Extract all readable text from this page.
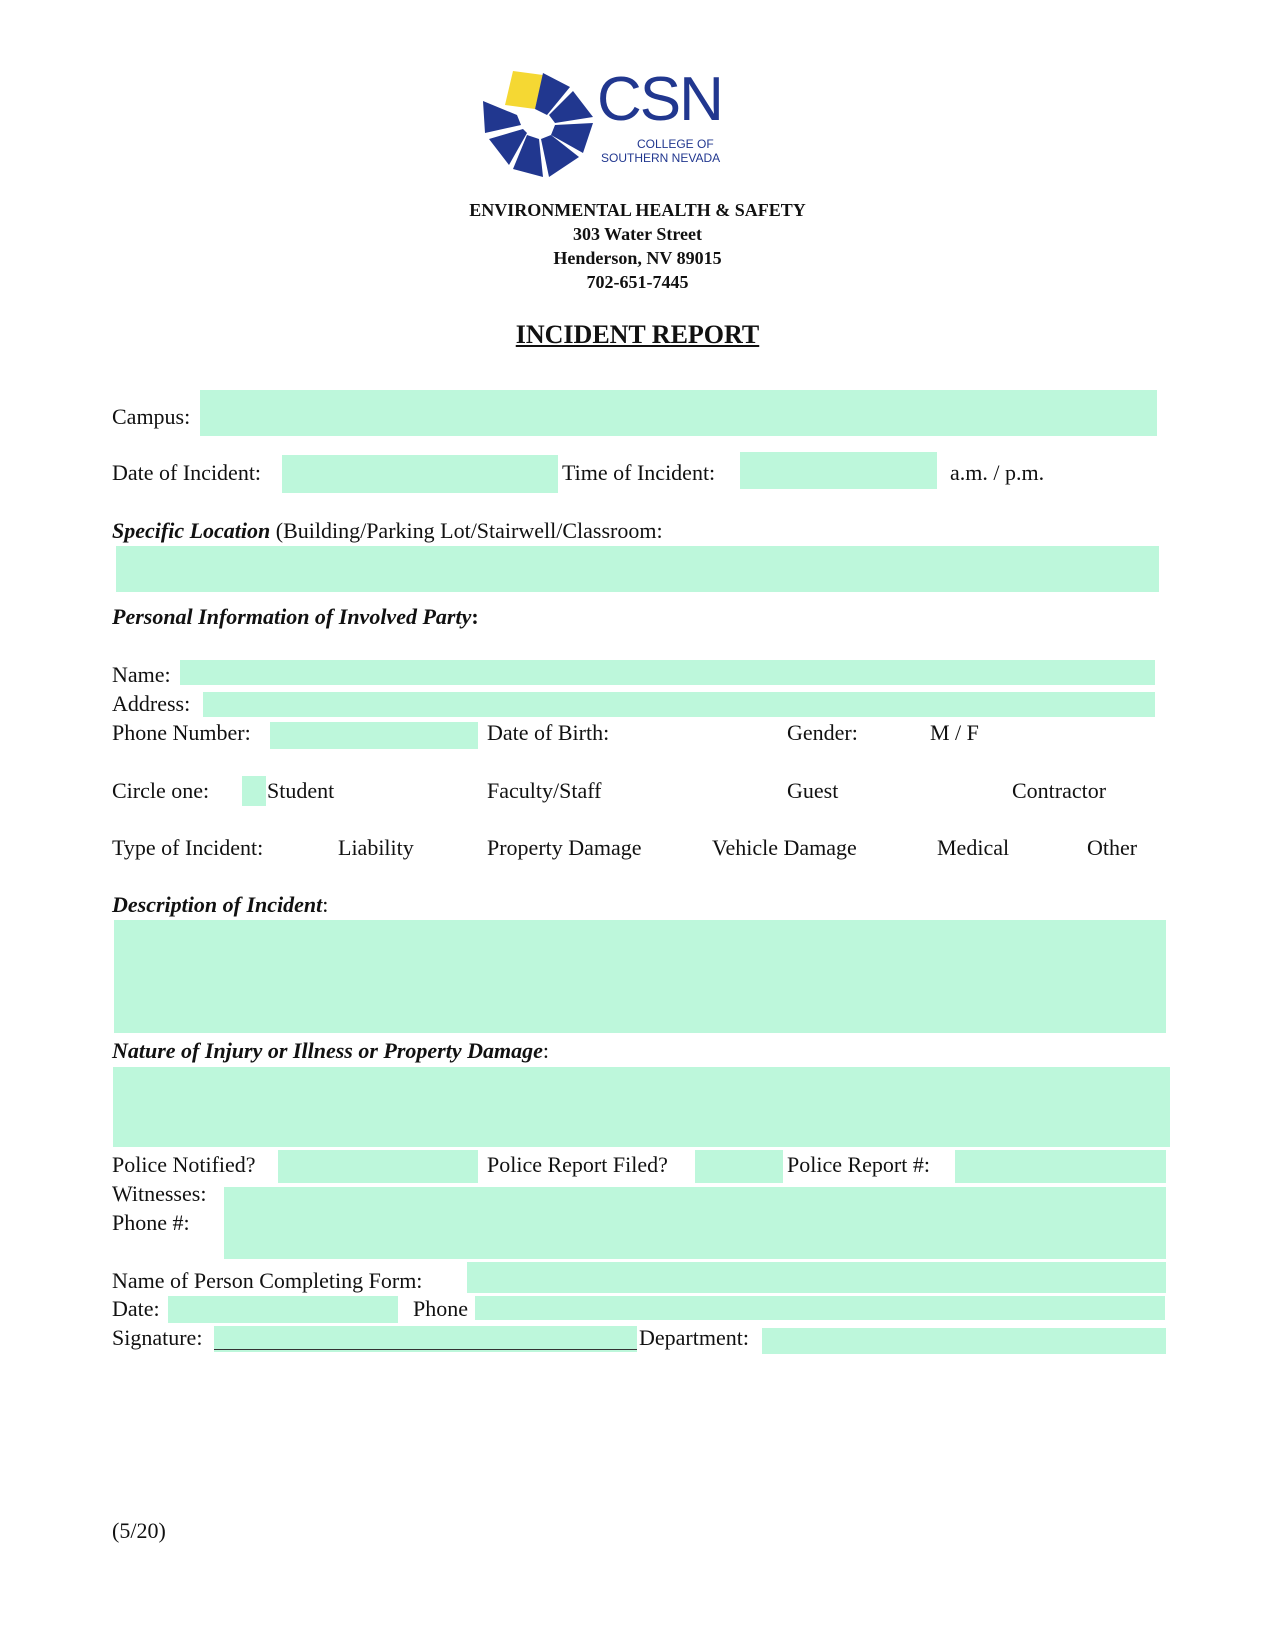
CSN
COLLEGE OF
SOUTHERN NEVADA
ENVIRONMENTAL HEALTH & SAFETY
303 Water Street
Henderson, NV 89015
702-651-7445
INCIDENT REPORT
Campus:
Date of Incident:	Time of Incident:	a.m. / p.m.
Specific Location (Building/Parking Lot/Stairwell/Classroom:
Personal Information of Involved Party:
Name:
Address:
Phone Number:	Date of Birth:	Gender:	M / F
Circle one:	Student	Faculty/Staff	Guest	Contractor
Type of Incident:	Liability	Property Damage	Vehicle Damage	Medical	Other
Description of Incident:
Nature of Injury or Illness or Property Damage:
Police Notified?	Police Report Filed?	Police Report #:
Witnesses:
Phone #:
Name of Person Completing Form:
Date:	Phone
Signature:	Department:
(5/20)
